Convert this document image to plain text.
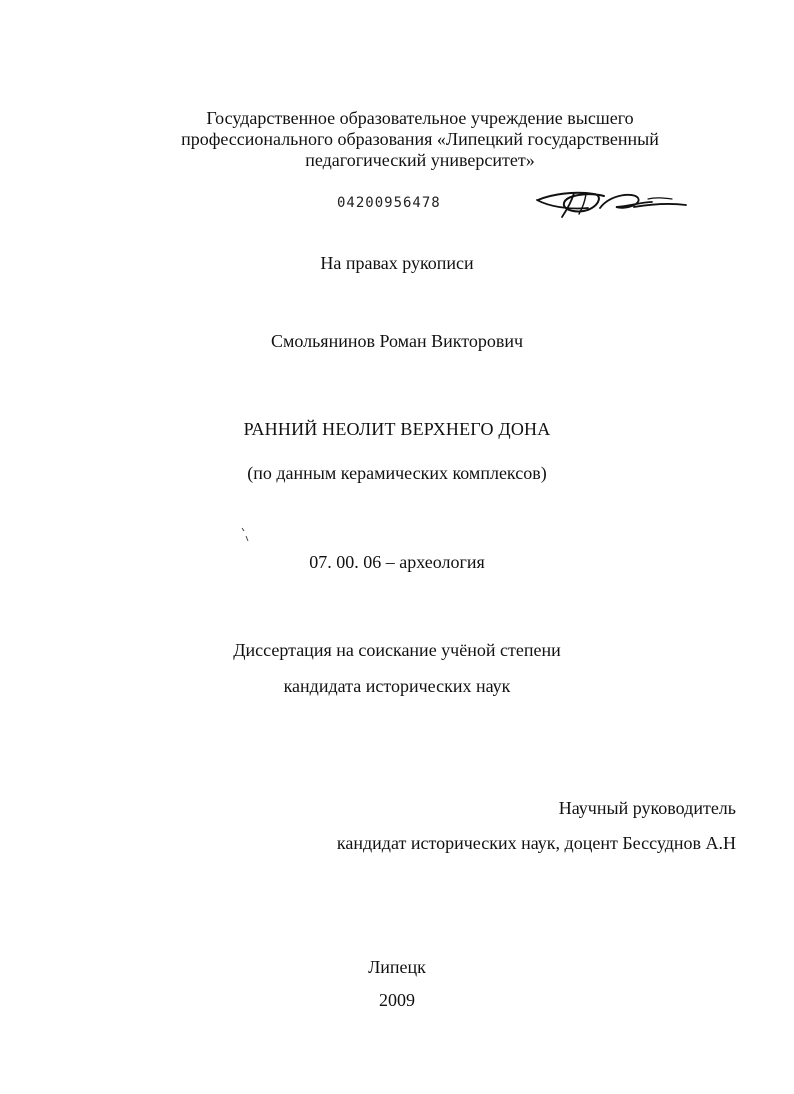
Государственное образовательное учреждение высшего
профессионального образования «Липецкий государственный
педагогический университет»
04200956478
На правах рукописи
Смольянинов Роман Викторович
РАННИЙ НЕОЛИТ ВЕРХНЕГО ДОНА
(по данным керамических комплексов)
07. 00. 06 – археология
Диссертация на соискание учёной степени
кандидата исторических наук
Научный руководитель
кандидат исторических наук, доцент Бессуднов А.Н
Липецк
2009
